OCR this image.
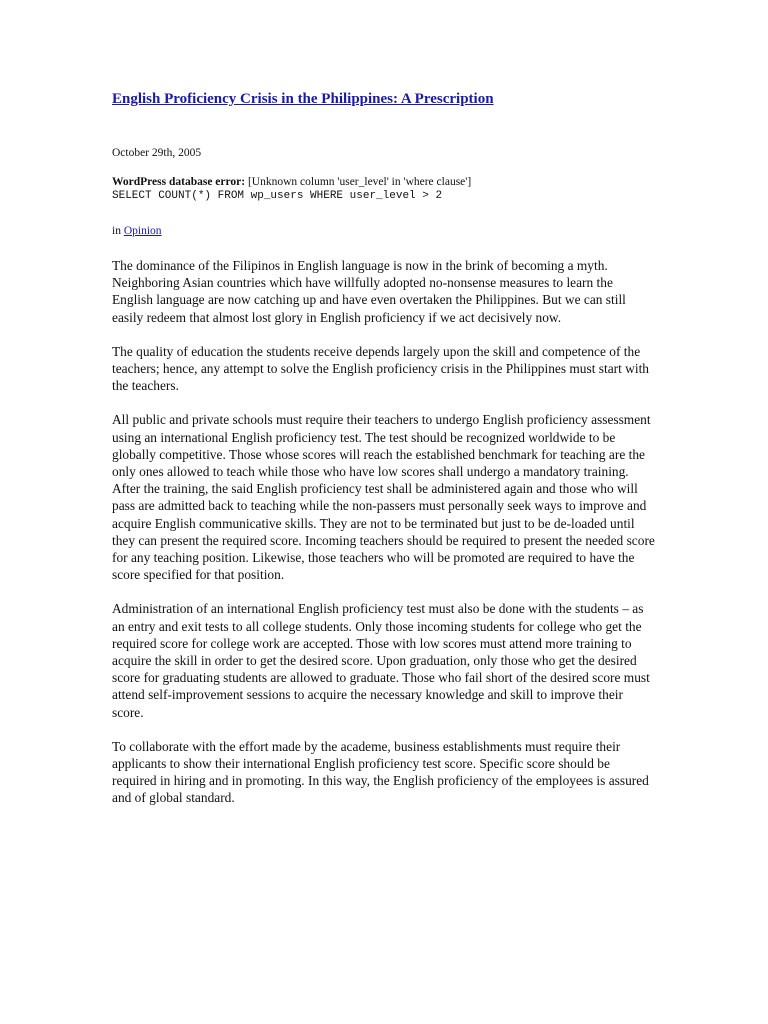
English Proficiency Crisis in the Philippines: A Prescription
October 29th, 2005
WordPress database error: [Unknown column 'user_level' in 'where clause']
SELECT COUNT(*) FROM wp_users WHERE user_level > 2
in Opinion

The dominance of the Filipinos in English language is now in the brink of becoming a myth. Neighboring Asian countries which have willfully adopted no-nonsense measures to learn the English language are now catching up and have even overtaken the Philippines. But we can still easily redeem that almost lost glory in English proficiency if we act decisively now.

The quality of education the students receive depends largely upon the skill and competence of the teachers; hence, any attempt to solve the English proficiency crisis in the Philippines must start with the teachers.

All public and private schools must require their teachers to undergo English proficiency assessment using an international English proficiency test. The test should be recognized worldwide to be globally competitive. Those whose scores will reach the established benchmark for teaching are the only ones allowed to teach while those who have low scores shall undergo a mandatory training. After the training, the said English proficiency test shall be administered again and those who will pass are admitted back to teaching while the non-passers must personally seek ways to improve and acquire English communicative skills. They are not to be terminated but just to be de-loaded until they can present the required score. Incoming teachers should be required to present the needed score for any teaching position. Likewise, those teachers who will be promoted are required to have the score specified for that position.

Administration of an international English proficiency test must also be done with the students – as an entry and exit tests to all college students. Only those incoming students for college who get the required score for college work are accepted. Those with low scores must attend more training to acquire the skill in order to get the desired score. Upon graduation, only those who get the desired score for graduating students are allowed to graduate. Those who fail short of the desired score must attend self-improvement sessions to acquire the necessary knowledge and skill to improve their score.

To collaborate with the effort made by the academe, business establishments must require their applicants to show their international English proficiency test score. Specific score should be required in hiring and in promoting. In this way, the English proficiency of the employees is assured and of global standard.
